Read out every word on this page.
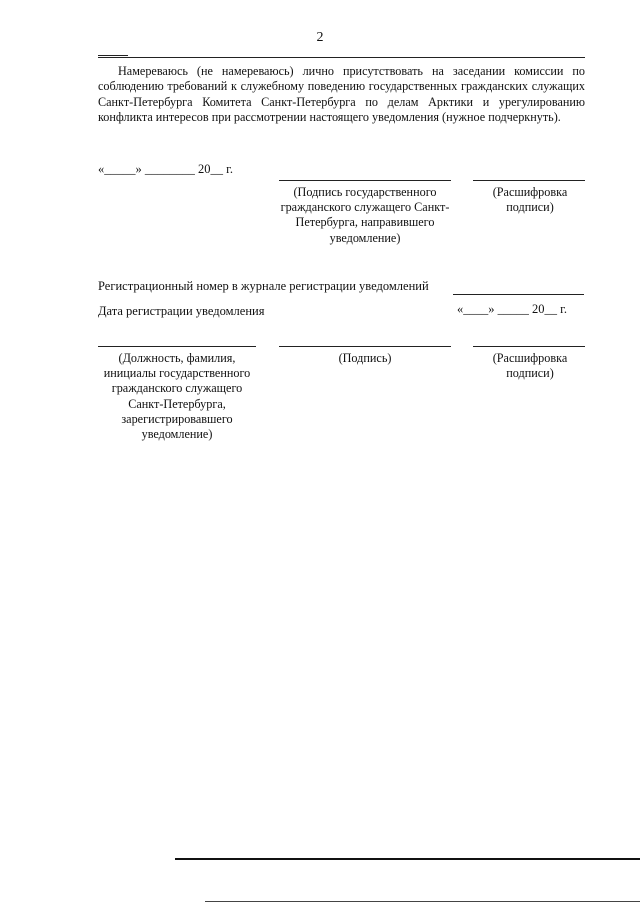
2
Намереваюсь (не намереваюсь) лично присутствовать на заседании комиссии по соблюдению требований к служебному поведению государственных гражданских служащих Санкт-Петербурга Комитета Санкт-Петербурга по делам Арктики и урегулированию конфликта интересов при рассмотрении настоящего уведомления (нужное подчеркнуть).
«_____» ________ 20__ г.
(Подпись государственного гражданского служащего Санкт-Петербурга, направившего уведомление)
(Расшифровка подписи)
Регистрационный номер в журнале регистрации уведомлений
Дата регистрации уведомления	«____» _____ 20__ г.
(Должность, фамилия, инициалы государственного гражданского служащего Санкт-Петербурга, зарегистрировавшего уведомление)
(Подпись)	(Расшифровка подписи)
